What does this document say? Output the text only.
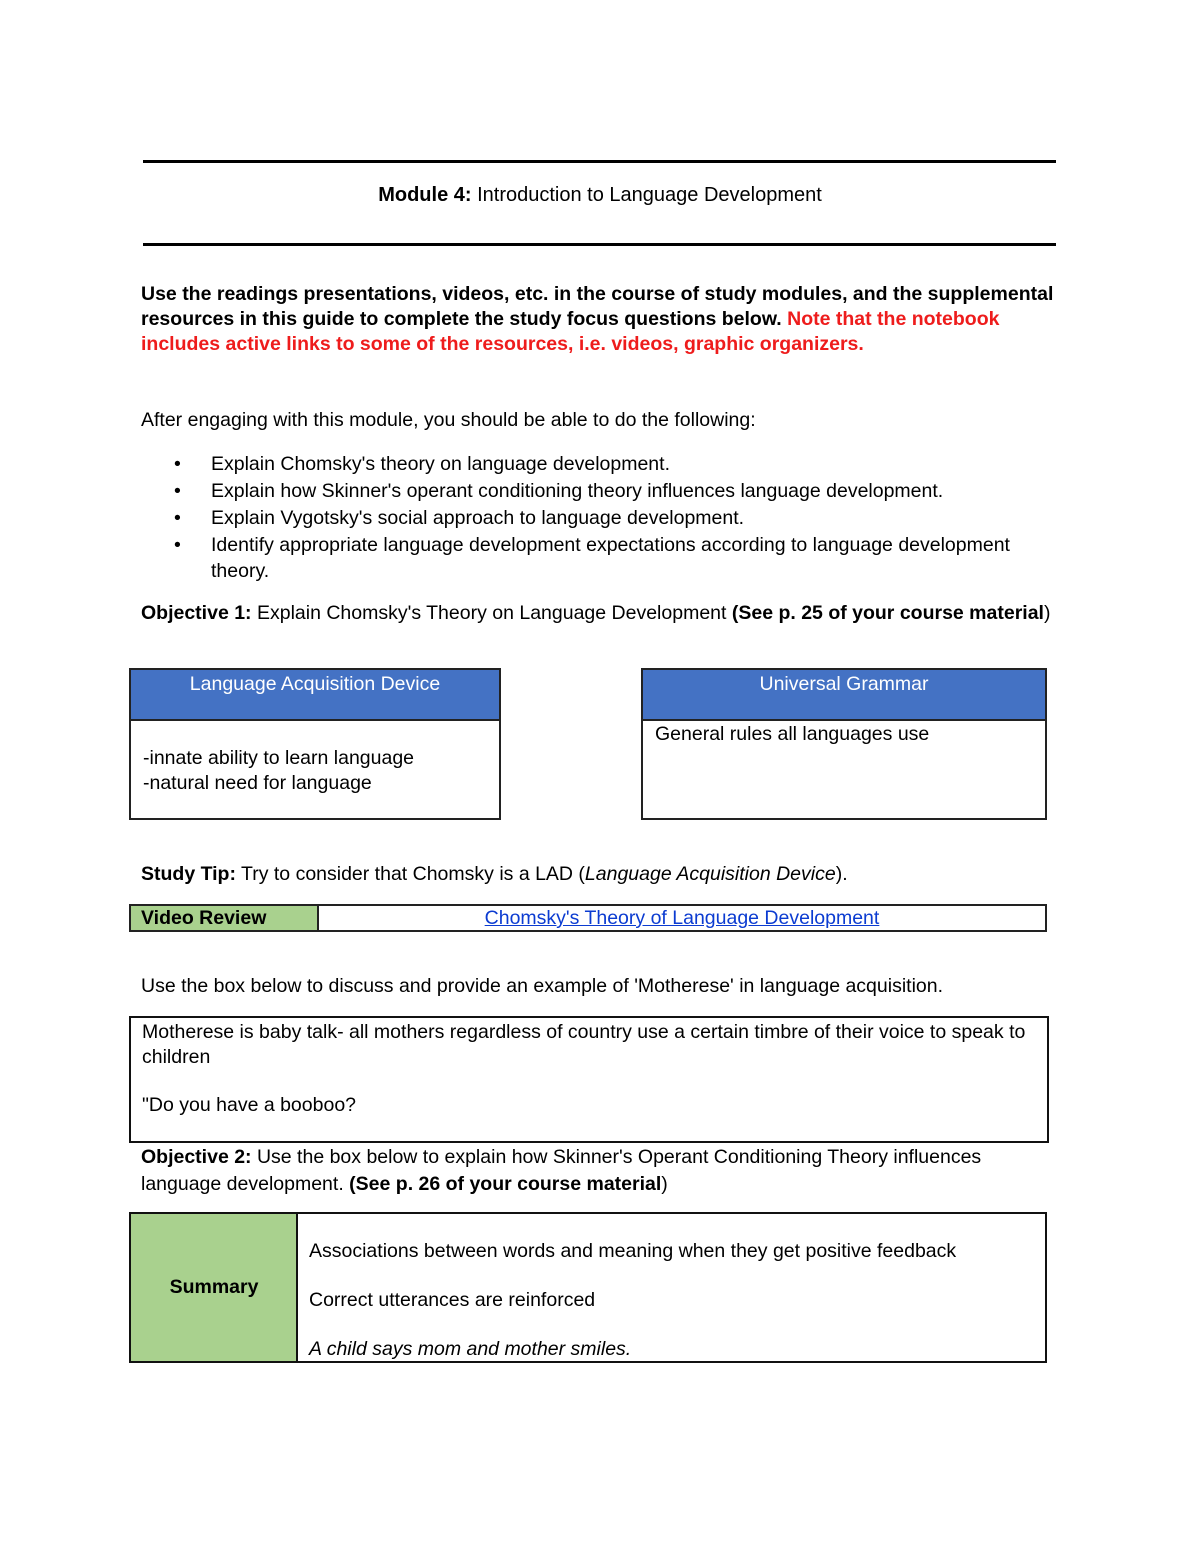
Module 4: Introduction to Language Development
Use the readings presentations, videos, etc. in the course of study modules, and the supplemental resources in this guide to complete the study focus questions below. Note that the notebook includes active links to some of the resources, i.e. videos, graphic organizers.
After engaging with this module, you should be able to do the following:
• Explain Chomsky's theory on language development.
• Explain how Skinner's operant conditioning theory influences language development.
• Explain Vygotsky's social approach to language development.
• Identify appropriate language development expectations according to language development theory.
Objective 1: Explain Chomsky's Theory on Language Development (See p. 25 of your course material)
Language Acquisition Device
-innate ability to learn language
-natural need for language
Universal Grammar
General rules all languages use
Study Tip: Try to consider that Chomsky is a LAD (Language Acquisition Device).
Video Review	Chomsky's Theory of Language Development
Use the box below to discuss and provide an example of 'Motherese' in language acquisition.
Motherese is baby talk- all mothers regardless of country use a certain timbre of their voice to speak to children
"Do you have a booboo?
Objective 2: Use the box below to explain how Skinner's Operant Conditioning Theory influences language development. (See p. 26 of your course material)
Summary

Associations between words and meaning when they get positive feedback

Correct utterances are reinforced

A child says mom and mother smiles.
